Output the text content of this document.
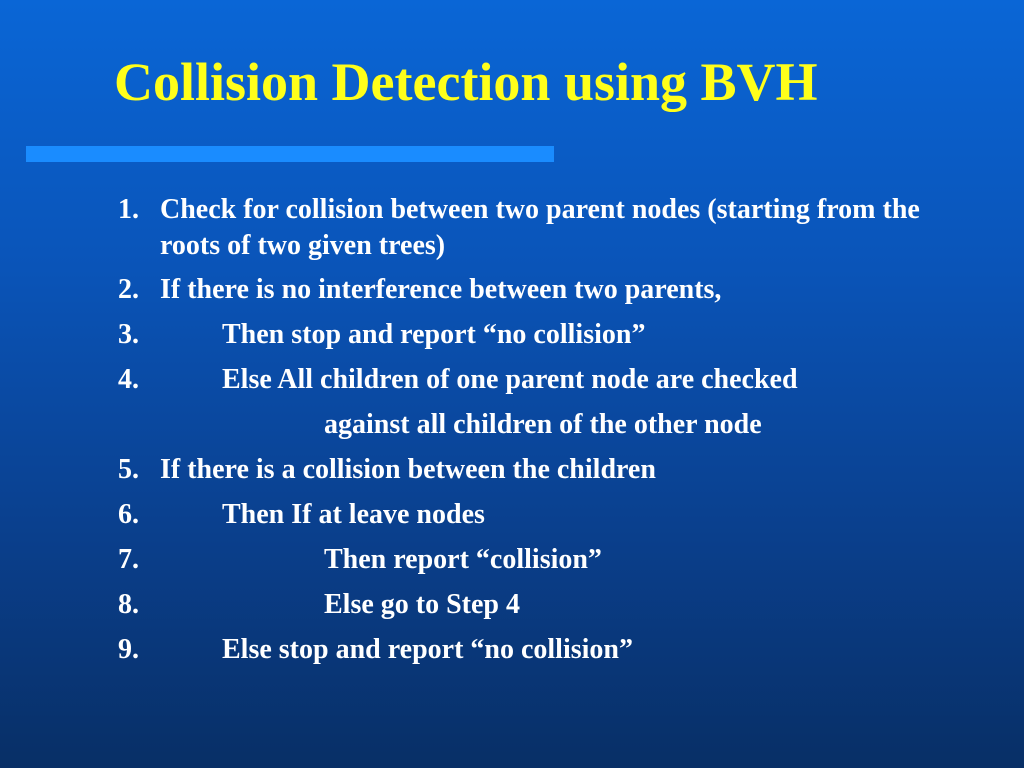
Collision Detection using BVH
1. Check for collision between two parent nodes (starting from the roots of two given trees)
2. If there is no interference between two parents,
3.	Then stop and report “no collision”
4.	Else All children of one parent node are checked
against all children of the other node
5. If there is a collision between the children
6.	Then If at leave nodes
7.	Then report “collision”
8.	Else go to Step 4
9.	Else stop and report “no collision”
